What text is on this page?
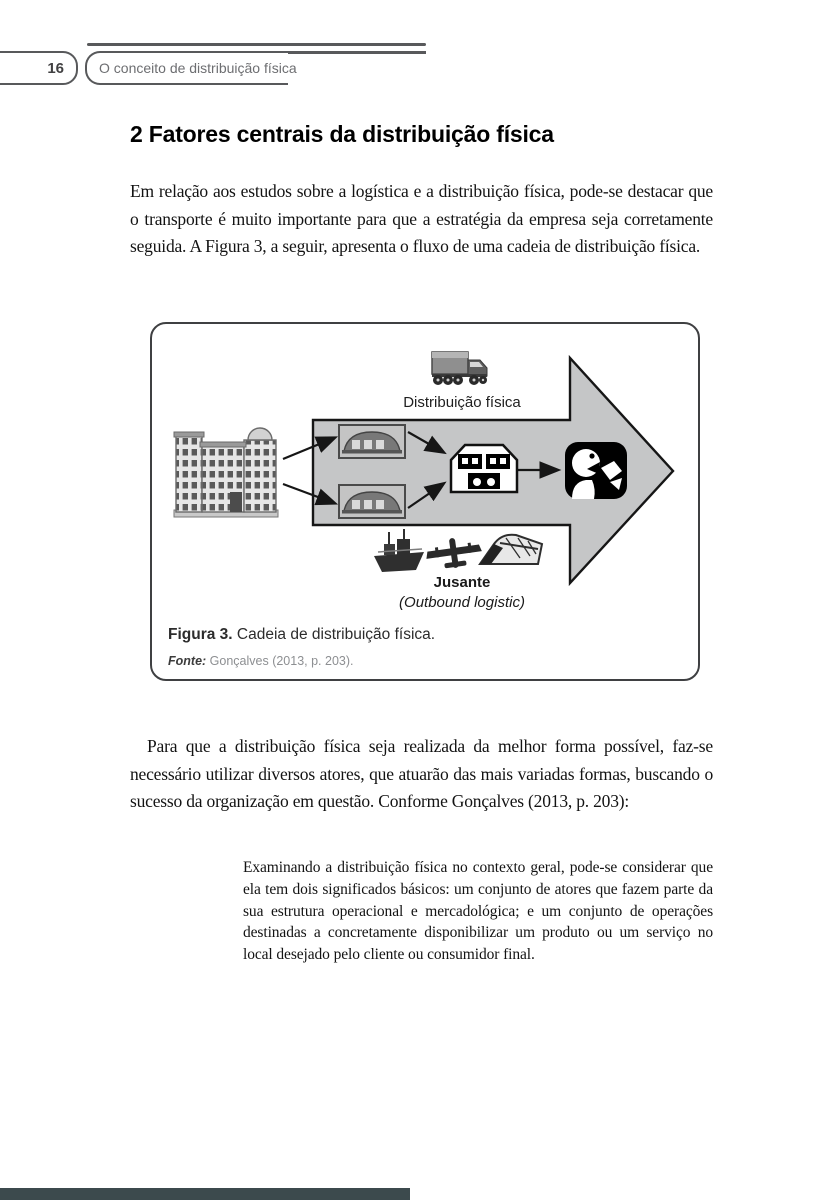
16	O conceito de distribuição física
2 Fatores centrais da distribuição física

Em relação aos estudos sobre a logística e a distribuição física, pode-se destacar que o transporte é muito importante para que a estratégia da empresa seja corretamente seguida. A Figura 3, a seguir, apresenta o fluxo de uma cadeia de distribuição física.

Distribuição física
Jusante
(Outbound logistic)
Figura 3. Cadeia de distribuição física.
Fonte: Gonçalves (2013, p. 203).

Para que a distribuição física seja realizada da melhor forma possível, faz-se necessário utilizar diversos atores, que atuarão das mais variadas formas, buscando o sucesso da organização em questão. Conforme Gonçalves (2013, p. 203):

Examinando a distribuição física no contexto geral, pode-se considerar que ela tem dois significados básicos: um conjunto de atores que fazem parte da sua estrutura operacional e mercadológica; e um conjunto de operações destinadas a concretamente disponibilizar um produto ou um serviço no local desejado pelo cliente ou consumidor final.
